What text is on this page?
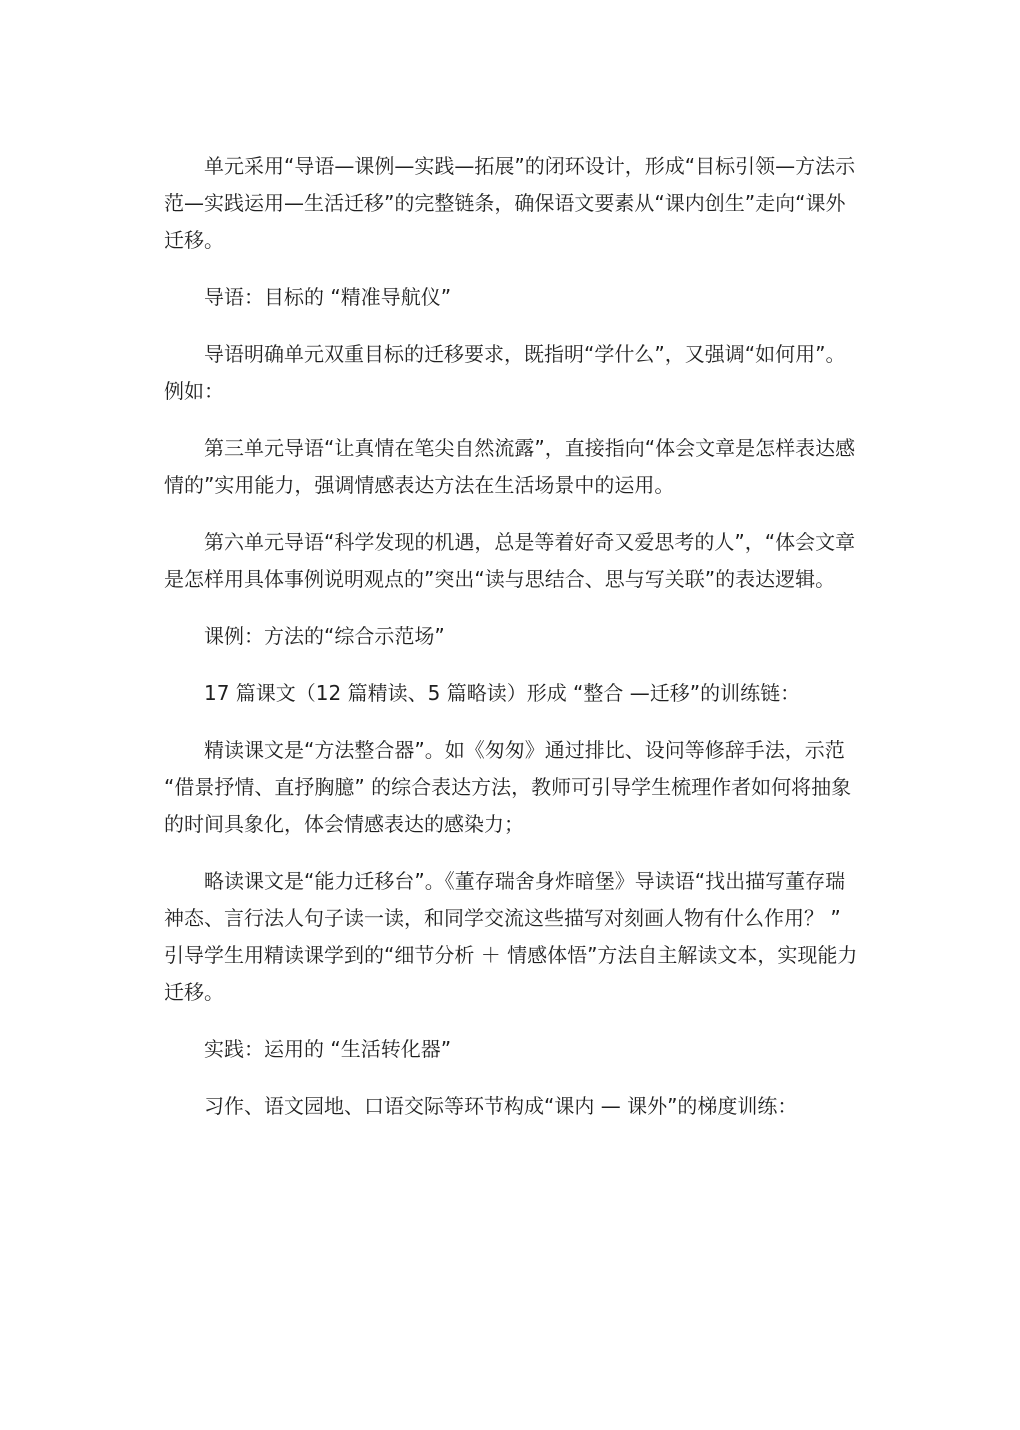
单元采用“导语—课例—实践—拓展”的闭环设计，形成“目标引领—方法示范—实践运用—生活迁移”的完整链条，确保语文要素从“课内创生”走向“课外迁移。

导语：目标的 “精准导航仪”

导语明确单元双重目标的迁移要求，既指明“学什么”，又强调“如何用”。例如：

第三单元导语“让真情在笔尖自然流露”，直接指向“体会文章是怎样表达感情的”实用能力，强调情感表达方法在生活场景中的运用。

第六单元导语“科学发现的机遇，总是等着好奇又爱思考的人”，“体会文章是怎样用具体事例说明观点的”突出“读与思结合、思与写关联”的表达逻辑。

课例：方法的“综合示范场”

17 篇课文（12 篇精读、5 篇略读）形成 “整合 —迁移”的训练链：

精读课文是“方法整合器”。如《匆匆》通过排比、设问等修辞手法，示范 “借景抒情、直抒胸臆” 的综合表达方法，教师可引导学生梳理作者如何将抽象的时间具象化，体会情感表达的感染力；

略读课文是“能力迁移台”。《董存瑞舍身炸暗堡》导读语“找出描写董存瑞神态、言行法人句子读一读，和同学交流这些描写对刻画人物有什么作用？ ” 引导学生用精读课学到的“细节分析 ＋ 情感体悟”方法自主解读文本，实现能力迁移。

实践：运用的 “生活转化器”

习作、语文园地、口语交际等环节构成“课内 — 课外”的梯度训练：
